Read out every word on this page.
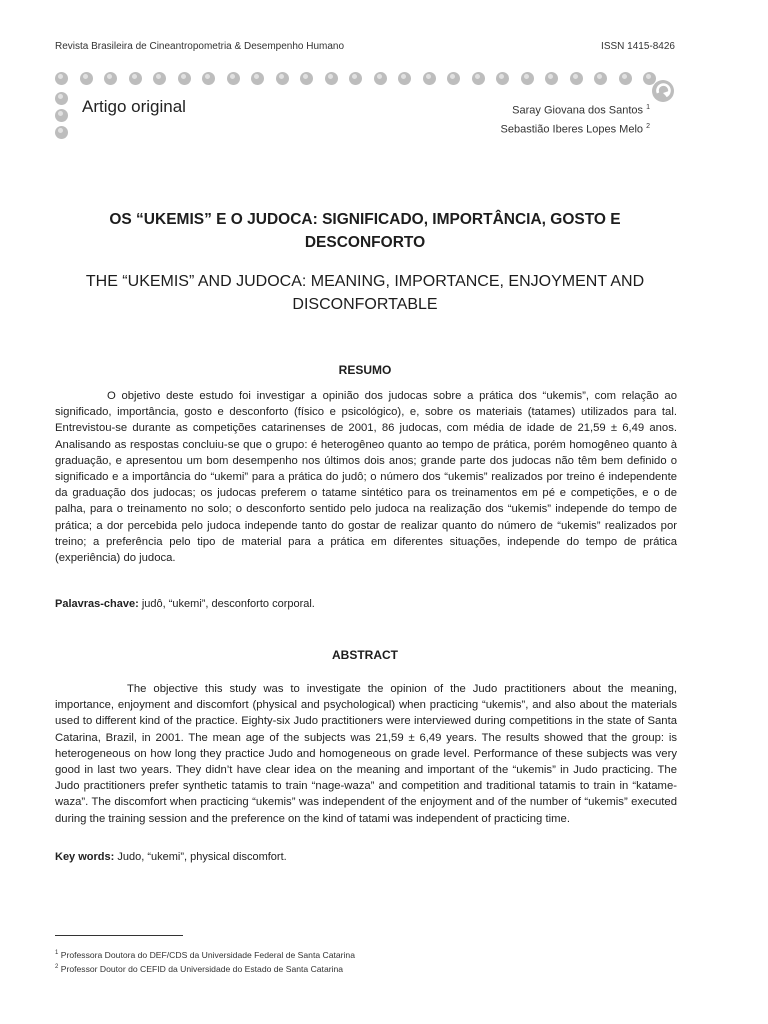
Revista Brasileira de Cineantropometria & Desempenho Humano	ISSN 1415-8426
Artigo original	Saray Giovana dos Santos $^1$
Sebastião Iberes Lopes Melo $^2$
OS “UKEMIS” E O JUDOCA: SIGNIFICADO, IMPORTÂNCIA, GOSTO E DESCONFORTO
THE “UKEMIS” AND JUDOCA: MEANING, IMPORTANCE, ENJOYMENT AND DISCONFORTABLE
RESUMO
O objetivo deste estudo foi investigar a opinião dos judocas sobre a prática dos “ukemis”, com relação ao significado, importância, gosto e desconforto (físico e psicológico), e, sobre os materiais (tatames) utilizados para tal. Entrevistou-se durante as competições catarinenses de 2001, 86 judocas, com média de idade de 21,59 ± 6,49 anos. Analisando as respostas concluiu-se que o grupo: é heterogêneo quanto ao tempo de prática, porém homogêneo quanto à graduação, e apresentou um bom desempenho nos últimos dois anos; grande parte dos judocas não têm bem definido o significado e a importância do “ukemi” para a prática do judô; o número dos “ukemis” realizados por treino é independente da graduação dos judocas; os judocas preferem o tatame sintético para os treinamentos em pé e competições, e o de palha, para o treinamento no solo; o desconforto sentido pelo judoca na realização dos “ukemis” independe do tempo de prática; a dor percebida pelo judoca independe tanto do gostar de realizar quanto do número de “ukemis” realizados por treino; a preferência pelo tipo de material para a prática em diferentes situações, independe do tempo de prática (experiência) do judoca.
Palavras-chave: judô, “ukemi”, desconforto corporal.
ABSTRACT
The objective this study was to investigate the opinion of the Judo practitioners about the meaning, importance, enjoyment and discomfort (physical and psychological) when practicing “ukemis”, and also about the materials used to different kind of the practice. Eighty-six Judo practitioners were interviewed during competitions in the state of Santa Catarina, Brazil, in 2001. The mean age of the subjects was 21,59 ± 6,49 years. The results showed that the group: is heterogeneous on how long they practice Judo and homogeneous on grade level. Performance of these subjects was very good in last two years. They didn’t have clear idea on the meaning and important of the “ukemis” in Judo practicing. The Judo practitioners prefer synthetic tatamis to train “nage-waza” and competition and traditional tatamis to train in “katame-waza”. The discomfort when practicing “ukemis” was independent of the enjoyment and of the number of “ukemis” executed during the training session and the preference on the kind of tatami was independent of practicing time.
Key words: Judo, “ukemi”, physical discomfort.
$^1$ Professora Doutora do DEF/CDS da Universidade Federal de Santa Catarina
$^2$ Professor Doutor do CEFID da Universidade do Estado de Santa Catarina
